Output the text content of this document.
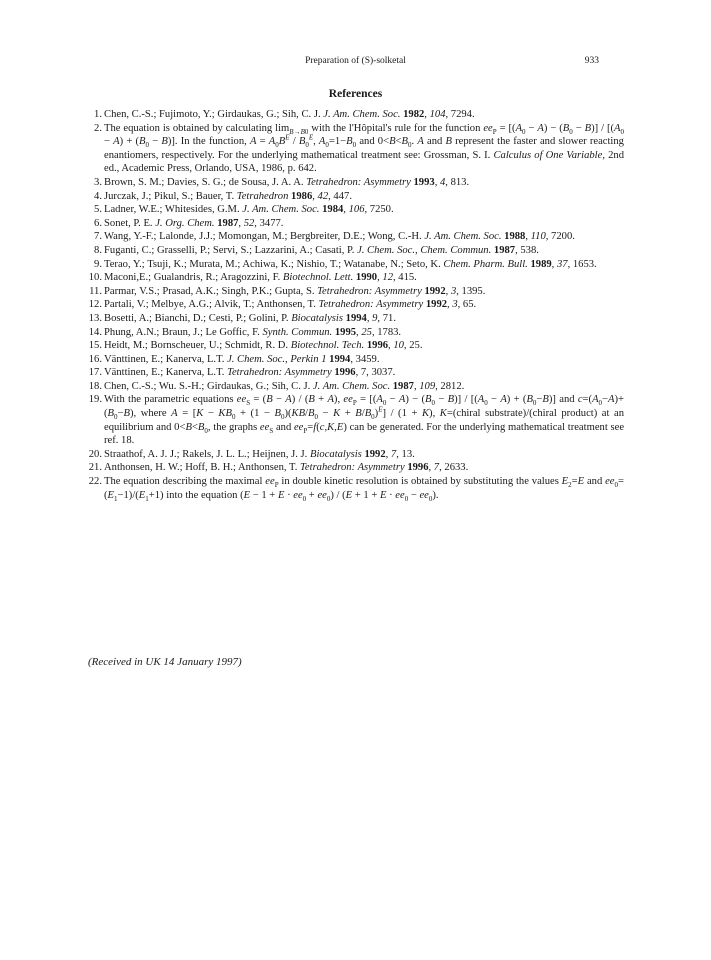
Preparation of (S)-solketal	933
References
1. Chen, C.-S.; Fujimoto, Y.; Girdaukas, G.; Sih, C. J. J. Am. Chem. Soc. 1982, 104, 7294.
2. The equation is obtained by calculating $\lim_{B\to B0}$ with the l'Hôpital's rule for the function $ee_P = [(A_0 - A) - (B_0 - B)] / [(A_0 - A) + (B_0 - B)]$. In the function, $A = A_0B^E / B_0^E$, $A_0=1-B_0$ and $0<B<B_0$. A and B represent the faster and slower reacting enantiomers, respectively. For the underlying mathematical treatment see: Grossman, S. I. Calculus of One Variable, 2nd ed., Academic Press, Orlando, USA, 1986, p. 642.
3. Brown, S. M.; Davies, S. G.; de Sousa, J. A. A. Tetrahedron: Asymmetry 1993, 4, 813.
4. Jurczak, J.; Pikul, S.; Bauer, T. Tetrahedron 1986, 42, 447.
5. Ladner, W.E.; Whitesides, G.M. J. Am. Chem. Soc. 1984, 106, 7250.
6. Sonet, P. E. J. Org. Chem. 1987, 52, 3477.
7. Wang, Y.-F.; Lalonde, J.J.; Momongan, M.; Bergbreiter, D.E.; Wong, C.-H. J. Am. Chem. Soc. 1988, 110, 7200.
8. Fuganti, C.; Grasselli, P.; Servi, S.; Lazzarini, A.; Casati, P. J. Chem. Soc., Chem. Commun. 1987, 538.
9. Terao, Y.; Tsuji, K.; Murata, M.; Achiwa, K.; Nishio, T.; Watanabe, N.; Seto, K. Chem. Pharm. Bull. 1989, 37, 1653.
10. Maconi,E.; Gualandris, R.; Aragozzini, F. Biotechnol. Lett. 1990, 12, 415.
11. Parmar, V.S.; Prasad, A.K.; Singh, P.K.; Gupta, S. Tetrahedron: Asymmetry 1992, 3, 1395.
12. Partali, V.; Melbye, A.G.; Alvik, T.; Anthonsen, T. Tetrahedron: Asymmetry 1992, 3, 65.
13. Bosetti, A.; Bianchi, D.; Cesti, P.; Golini, P. Biocatalysis 1994, 9, 71.
14. Phung, A.N.; Braun, J.; Le Goffic, F. Synth. Commun. 1995, 25, 1783.
15. Heidt, M.; Bornscheuer, U.; Schmidt, R. D. Biotechnol. Tech. 1996, 10, 25.
16. Vänttinen, E.; Kanerva, L.T. J. Chem. Soc., Perkin 1 1994, 3459.
17. Vänttinen, E.; Kanerva, L.T. Tetrahedron: Asymmetry 1996, 7, 3037.
18. Chen, C.-S.; Wu. S.-H.; Girdaukas, G.; Sih, C. J. J. Am. Chem. Soc. 1987, 109, 2812.
19. With the parametric equations $ee_S = (B - A) / (B + A)$, $ee_P = [(A_0 - A) - (B_0 - B)] / [(A_0 - A) + (B_0-B)]$ and $c=(A_0-A)+(B_0-B)$, where $A = [K - KB_0 + (1 - B_0)(KB/B_0 - K + B/B_0)^E] / (1 + K)$, K=(chiral substrate)/(chiral product) at an equilibrium and $0<B<B_0$, the graphs $ee_S$ and $ee_P=f(c,K,E)$ can be generated. For the underlying mathematical treatment see ref. 18.
20. Straathof, A. J. J.; Rakels, J. L. L.; Heijnen, J. J. Biocatalysis 1992, 7, 13.
21. Anthonsen, H. W.; Hoff, B. H.; Anthonsen, T. Tetrahedron: Asymmetry 1996, 7, 2633.
22. The equation describing the maximal $ee_P$ in double kinetic resolution is obtained by substituting the values $E_2=E$ and $ee_0=(E_1-1)/(E_1+1)$ into the equation $(E - 1 + E \cdot ee_0 + ee_0) / (E + 1 + E \cdot ee_0 - ee_0)$.
(Received in UK 14 January 1997)
